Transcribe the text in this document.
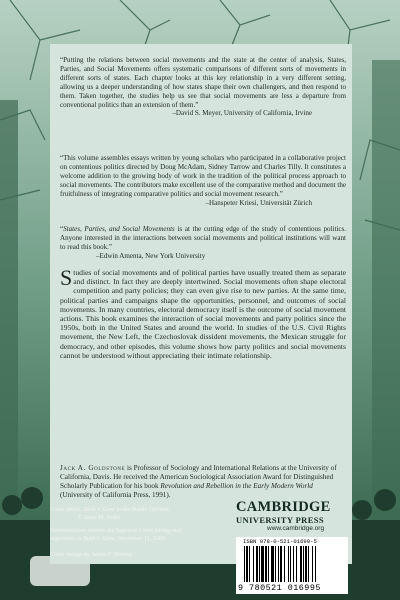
“Putting the relations between social movements and the state at the center of analysis, States, Parties, and Social Movements offers systematic comparisons of different sorts of movements in different sorts of states. Each chapter looks at this key relationship in a very different setting, allowing us a deeper understanding of how states shape their own challengers, and then respond to them. Taken together, the studies help us see that social movements are less a departure from conventional politics than an extension of them.”

–David S. Meyer, University of California, Irvine

“This volume assembles essays written by young scholars who participated in a collaborative project on contentious politics directed by Doug McAdam, Sidney Tarrow and Charles Tilly. It constitutes a welcome addition to the growing body of work in the tradition of the political process approach to social movements. The contributors make excellent use of the comparative method and document the fruitfulness of integrating comparative politics and social movement research.”

–Hanspeter Kriesi, Universität Zürich

“States, Parties, and Social Movements is at the cutting edge of the study of contentious politics. Anyone interested in the interactions between social movements and political institutions will want to read this book.”

–Edwin Amenta, New York University

Studies of social movements and of political parties have usually treated them as separate and distinct. In fact they are deeply intertwined. Social movements often shape electoral competition and party policies; they can even give rise to new parties. At the same time, political parties and campaigns shape the opportunities, personnel, and outcomes of social movements. In many countries, electoral democracy itself is the outcome of social movement actions. This book examines the interaction of social movements and party politics since the 1950s, both in the United States and around the world. In studies of the U.S. Civil Rights movement, the New Left, the Czechoslovak dissident movements, the Mexican struggle for democracy, and other episodes, this volume shows how party politics and social movements cannot be understood without appreciating their intimate relationship.
Jack A. Goldstone is Professor of Sociology and International Relations at the University of California, Davis. He received the American Sociological Association Award for Distinguished Scholarly Publication for his book Revolution and Rebellion in the Early Modern World (University of California Press, 1991).
Cover photo: Bush v. Gore in the Public Opinion.
© Jesse M. Feder.
Demonstration outside the Supreme Court during oral
arguments in Bush v. Gore, December 11, 2000.
Cover design by James F. Brisson
CAMBRIDGE
UNIVERSITY PRESS
www.cambridge.org
ISBN 978-0-521-01699-5
9 780521 016995
